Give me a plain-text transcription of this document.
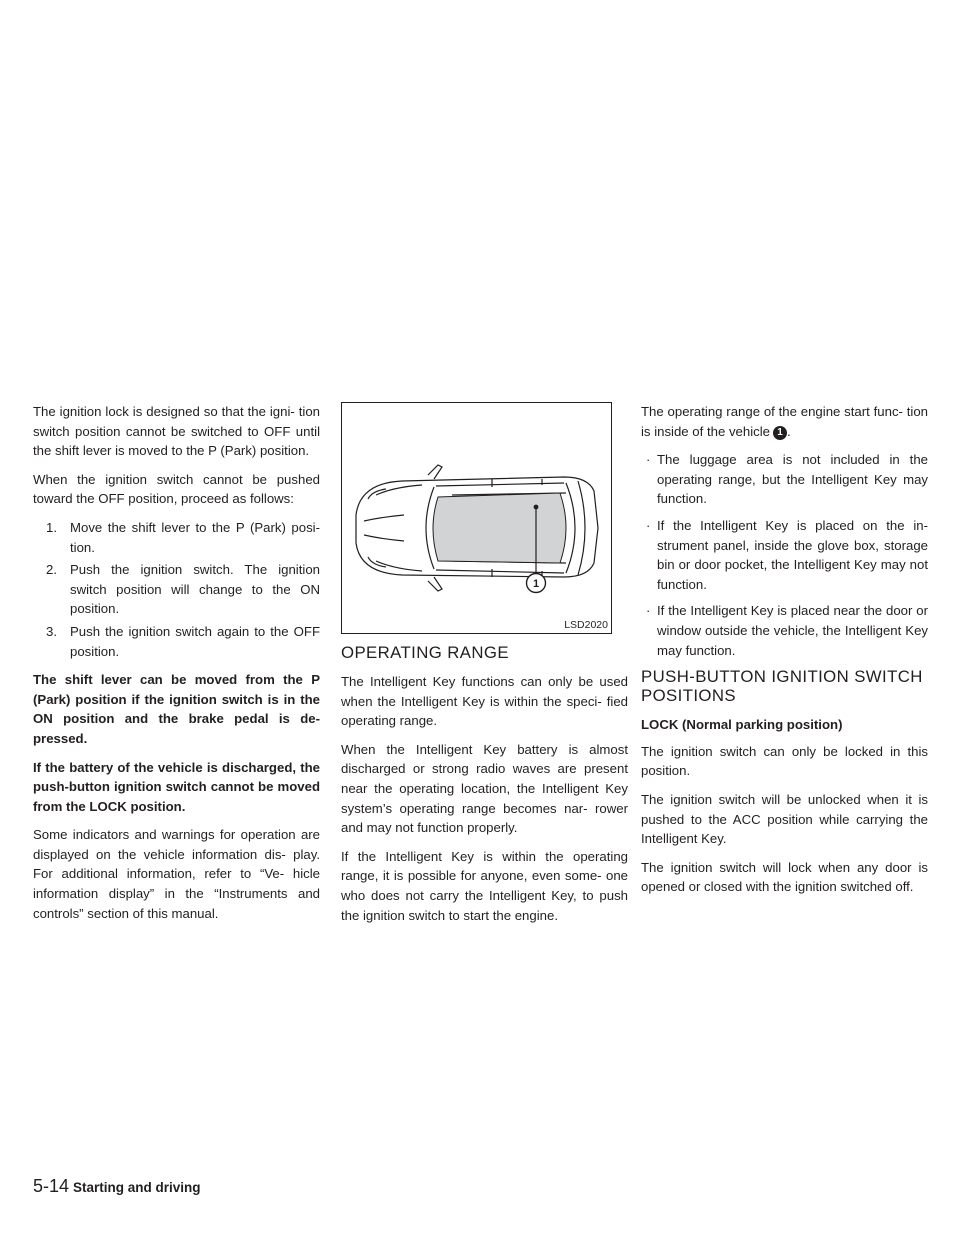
The ignition lock is designed so that the igni- tion switch position cannot be switched to OFF until the shift lever is moved to the P (Park) position.

When the ignition switch cannot be pushed toward the OFF position, proceed as follows:

1. Move the shift lever to the P (Park) posi- tion.
2. Push the ignition switch. The ignition switch position will change to the ON position.
3. Push the ignition switch again to the OFF position.

The shift lever can be moved from the P (Park) position if the ignition switch is in the ON position and the brake pedal is de- pressed.

If the battery of the vehicle is discharged, the push-button ignition switch cannot be moved from the LOCK position.

Some indicators and warnings for operation are displayed on the vehicle information dis- play. For additional information, refer to “Ve- hicle information display” in the “Instruments and controls” section of this manual.

1
LSD2020
OPERATING RANGE

The Intelligent Key functions can only be used when the Intelligent Key is within the speci- fied operating range.

When the Intelligent Key battery is almost discharged or strong radio waves are present near the operating location, the Intelligent Key system’s operating range becomes nar- rower and may not function properly.

If the Intelligent Key is within the operating range, it is possible for anyone, even some- one who does not carry the Intelligent Key, to push the ignition switch to start the engine.

The operating range of the engine start func- tion is inside of the vehicle 1 .

· The luggage area is not included in the operating range, but the Intelligent Key may function.
· If the Intelligent Key is placed on the in- strument panel, inside the glove box, storage bin or door pocket, the Intelligent Key may not function.
· If the Intelligent Key is placed near the door or window outside the vehicle, the Intelligent Key may function.
PUSH-BUTTON IGNITION SWITCH POSITIONS
LOCK (Normal parking position)

The ignition switch can only be locked in this position.

The ignition switch will be unlocked when it is pushed to the ACC position while carrying the Intelligent Key.

The ignition switch will lock when any door is opened or closed with the ignition switched off.

5-14 Starting and driving
